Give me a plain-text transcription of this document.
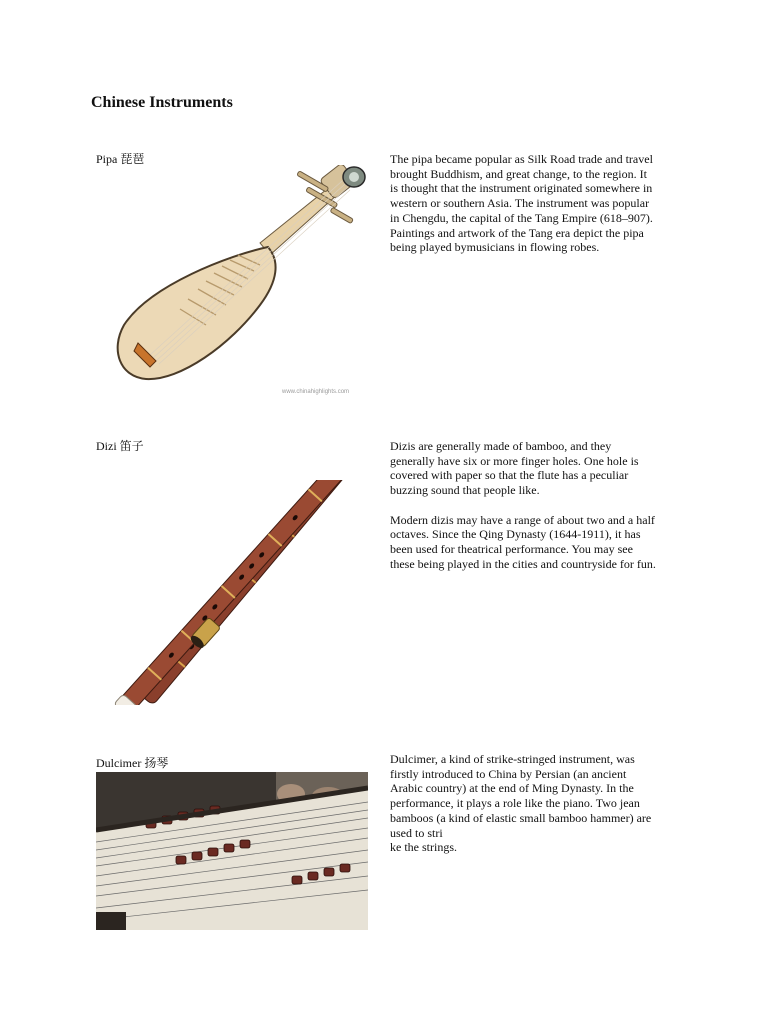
Chinese Instruments
Pipa 琵琶
www.chinahighlights.com

The pipa became popular as Silk Road trade and travel
brought Buddhism, and great change, to the region. It
is thought that the instrument originated somewhere in
western or southern Asia. The instrument was popular
in Chengdu, the capital of the Tang Empire (618–907).
Paintings and artwork of the Tang era depict the pipa
being played bymusicians in flowing robes.

Dizi 笛子	Dizis are generally made of bamboo, and they
generally have six or more finger holes. One hole is
covered with paper so that the flute has a peculiar
buzzing sound that people like.

Modern dizis may have a range of about two and a half
octaves. Since the Qing Dynasty (1644-1911), it has
been used for theatrical performance. You may see
these being played in the cities and countryside for fun.

Dulcimer 扬琴	Dulcimer, a kind of strike-stringed instrument, was
firstly introduced to China by Persian (an ancient
Arabic country) at the end of Ming Dynasty. In the
performance, it plays a role like the piano. Two jean
bamboos (a kind of elastic small bamboo hammer) are
used to stri
ke the strings.
